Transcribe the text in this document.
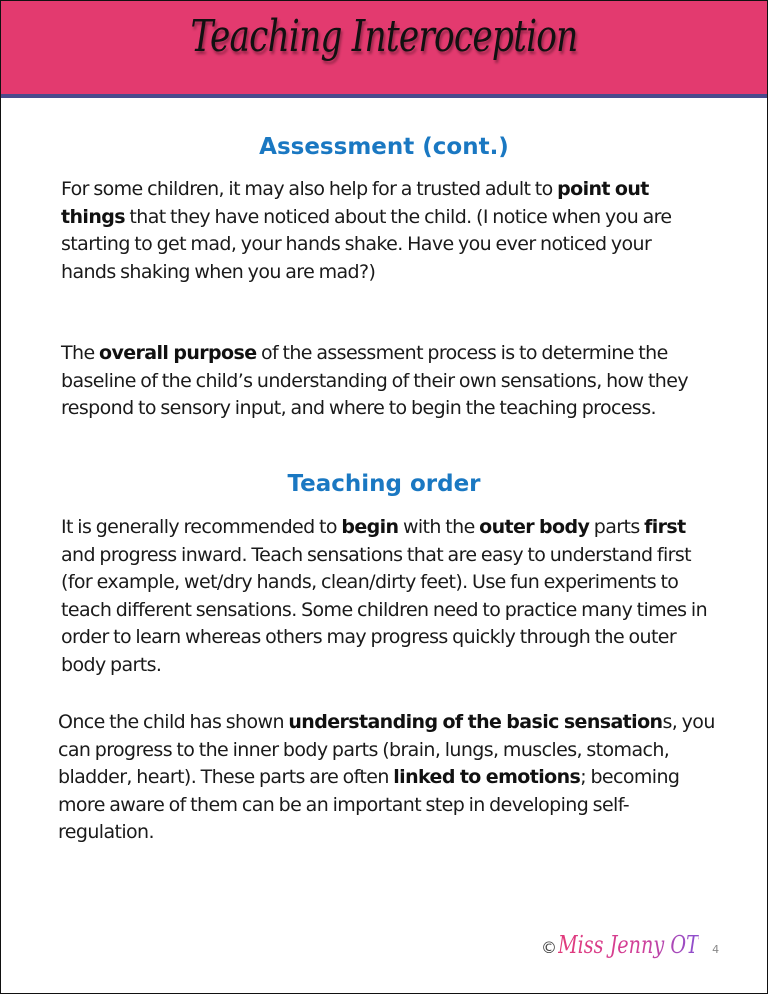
Teaching Interoception
Assessment (cont.)
For some children, it may also help for a trusted adult to point out things that they have noticed about the child. (I notice when you are starting to get mad, your hands shake. Have you ever noticed your hands shaking when you are mad?)
The overall purpose of the assessment process is to determine the baseline of the child’s understanding of their own sensations, how they respond to sensory input, and where to begin the teaching process.
Teaching order
It is generally recommended to begin with the outer body parts first and progress inward. Teach sensations that are easy to understand first (for example, wet/dry hands, clean/dirty feet). Use fun experiments to teach different sensations. Some children need to practice many times in order to learn whereas others may progress quickly through the outer body parts.
Once the child has shown understanding of the basic sensations, you can progress to the inner body parts (brain, lungs, muscles, stomach, bladder, heart). These parts are often linked to emotions; becoming more aware of them can be an important step in developing self-regulation.
© Miss Jenny OT 4
